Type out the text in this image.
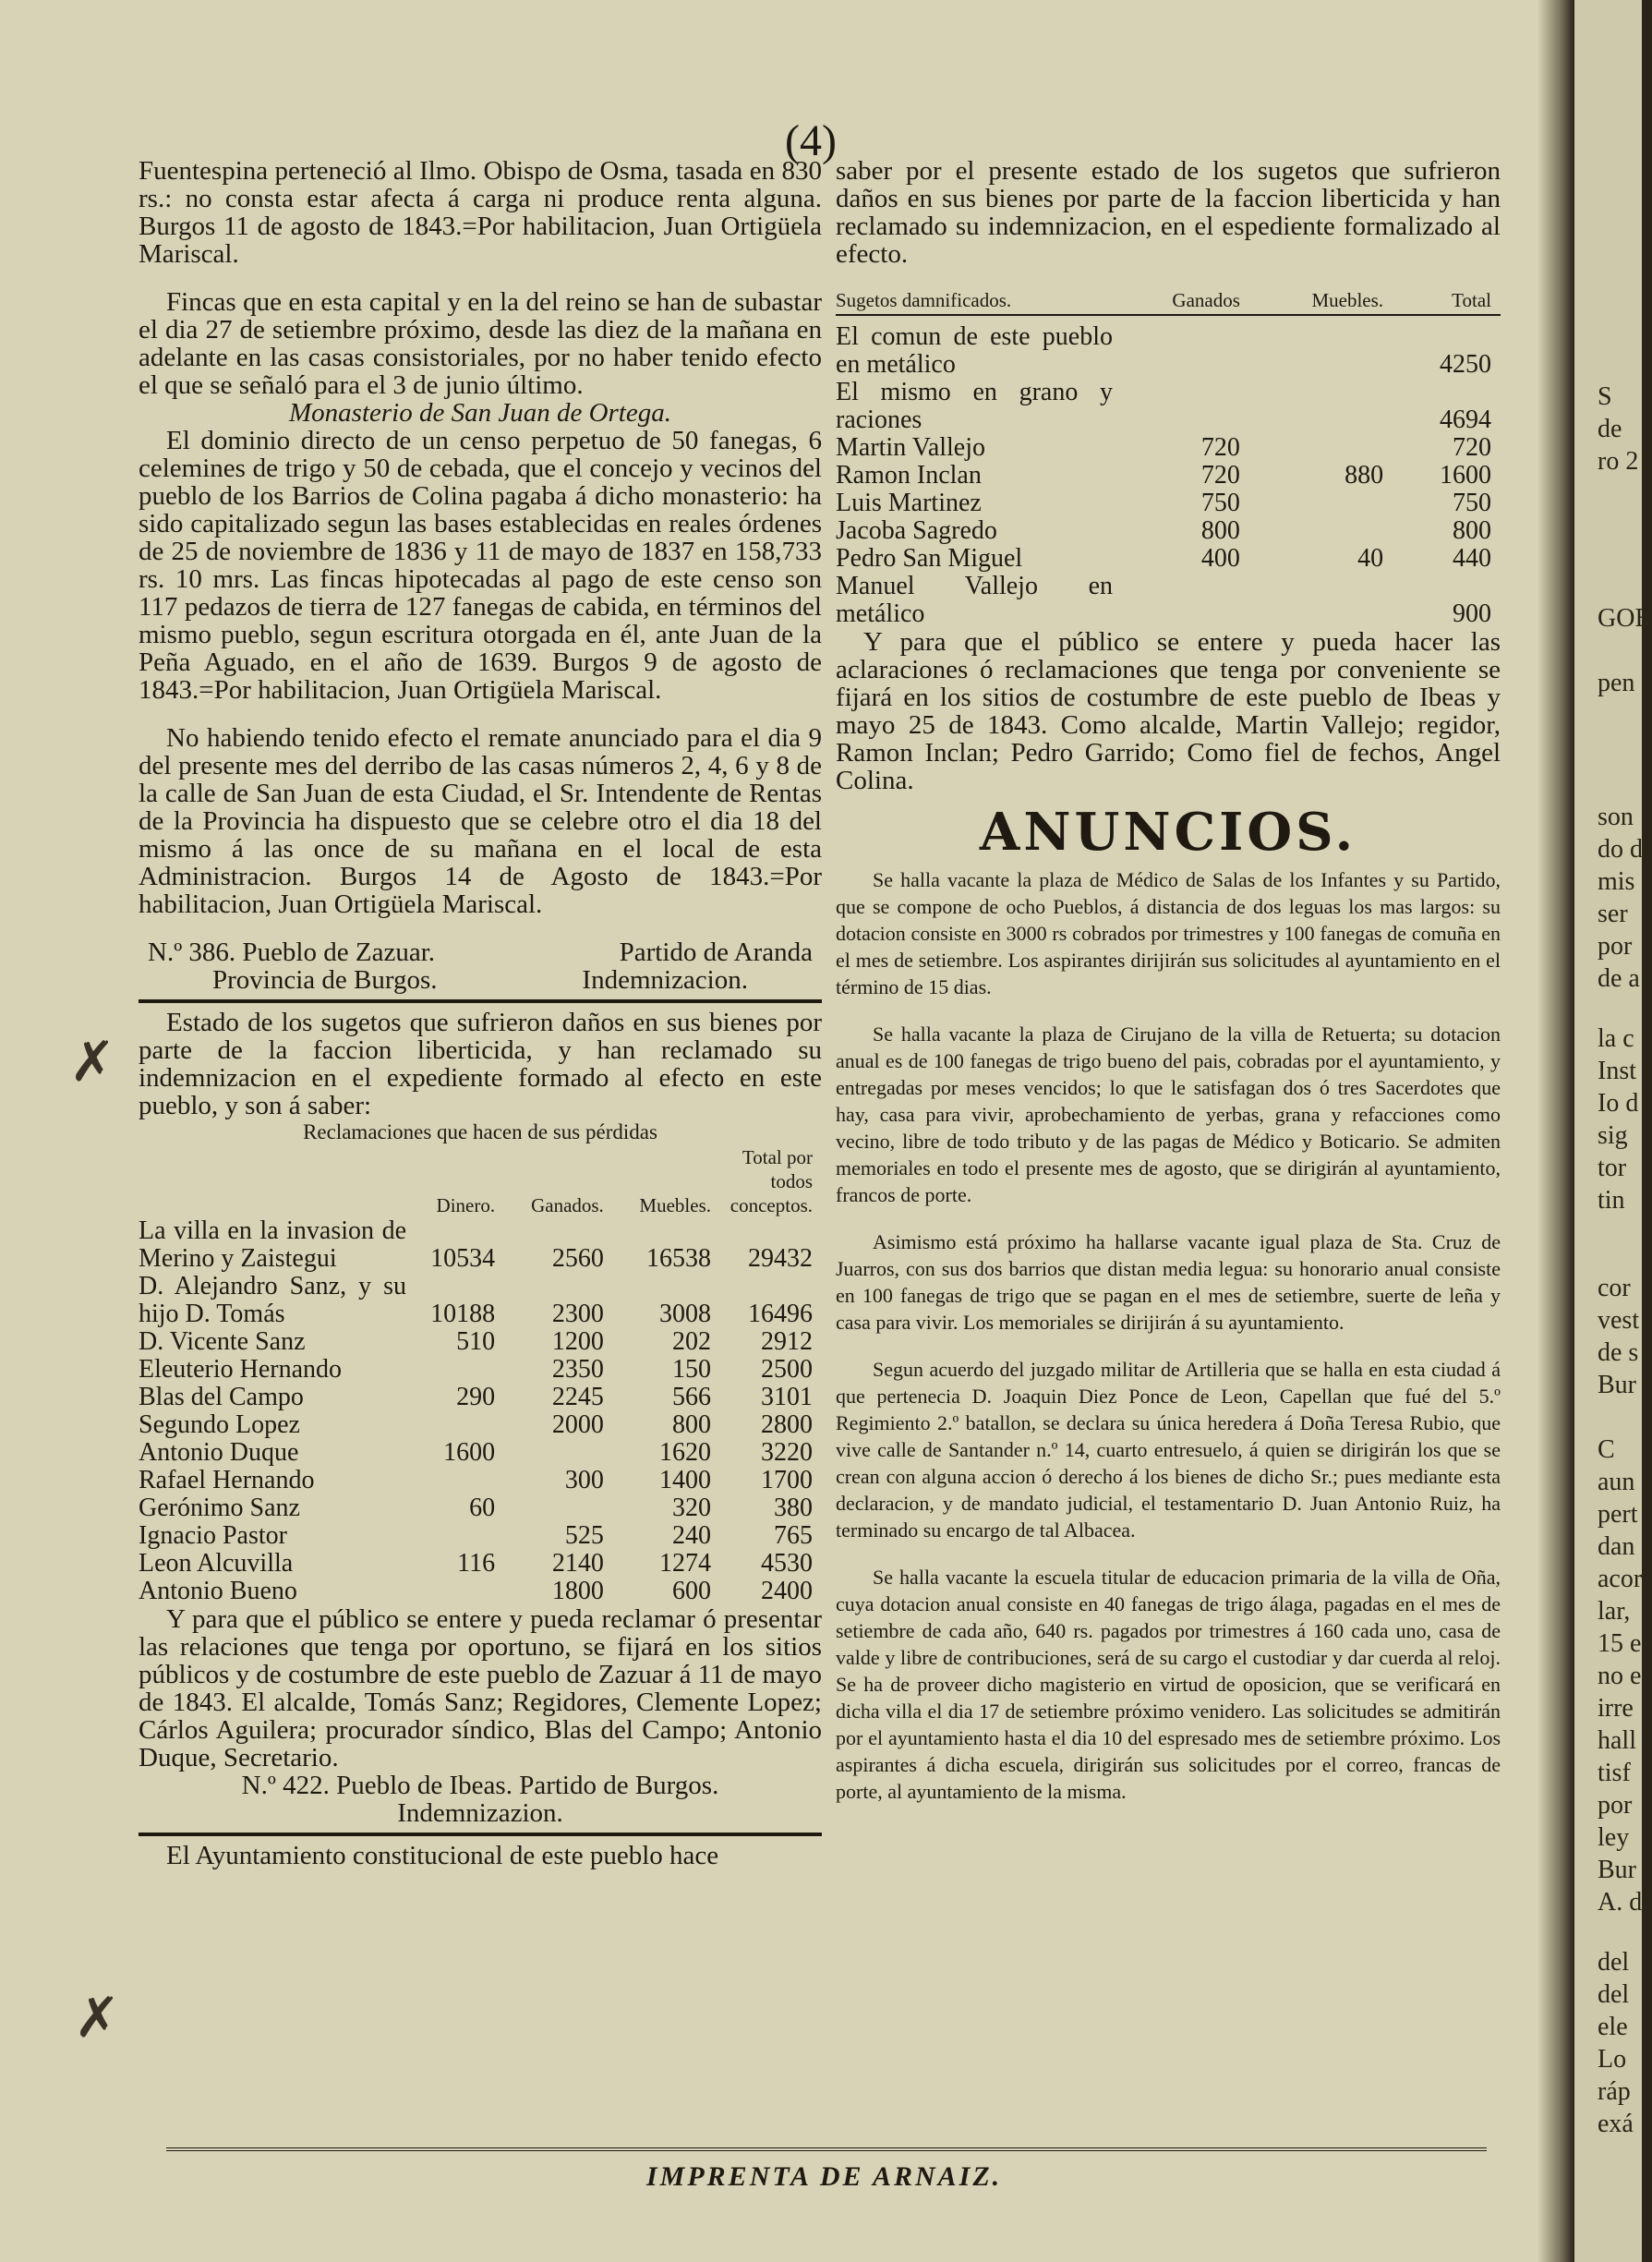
(4)

Fuentespina perteneció al Ilmo. Obispo de Osma, tasada en 830 rs.: no consta estar afecta á carga ni produce renta alguna. Burgos 11 de agosto de 1843.=Por habilitacion, Juan Ortigüela Mariscal.

Fincas que en esta capital y en la del reino se han de subastar el dia 27 de setiembre próximo, desde las diez de la mañana en adelante en las casas consistoriales, por no haber tenido efecto el que se señaló para el 3 de junio último.

Monasterio de San Juan de Ortega.

El dominio directo de un censo perpetuo de 50 fanegas, 6 celemines de trigo y 50 de cebada, que el concejo y vecinos del pueblo de los Barrios de Colina pagaba á dicho monasterio: ha sido capitalizado segun las bases establecidas en reales órdenes de 25 de noviembre de 1836 y 11 de mayo de 1837 en 158,733 rs. 10 mrs. Las fincas hipotecadas al pago de este censo son 117 pedazos de tierra de 127 fanegas de cabida, en términos del mismo pueblo, segun escritura otorgada en él, ante Juan de la Peña Aguado, en el año de 1639. Burgos 9 de agosto de 1843.=Por habilitacion, Juan Ortigüela Mariscal.

No habiendo tenido efecto el remate anunciado para el dia 9 del presente mes del derribo de las casas números 2, 4, 6 y 8 de la calle de San Juan de esta Ciudad, el Sr. Intendente de Rentas de la Provincia ha dispuesto que se celebre otro el dia 18 del mismo á las once de su mañana en el local de esta Administracion. Burgos 14 de Agosto de 1843.=Por habilitacion, Juan Ortigüela Mariscal.

N.º 386. Pueblo de Zazuar.	Partido de Aranda
Provincia de Burgos.	Indemnizacion.

Estado de los sugetos que sufrieron daños en sus bienes por parte de la faccion liberticida, y han reclamado su indemnizacion en el expediente formado al efecto en este pueblo, y son á saber:

Reclamaciones que hacen de sus pérdidas

	Dinero.	Ganados.	Muebles.	Total por todos conceptos.
La villa en la invasion de Merino y Zaistegui	10534	2560	16538	29432
D. Alejandro Sanz, y su hijo D. Tomás	10188	2300	3008	16496
D. Vicente Sanz	510	1200	202	2912
Eleuterio Hernando		2350	150	2500
Blas del Campo	290	2245	566	3101
Segundo Lopez		2000	800	2800
Antonio Duque	1600		1620	3220
Rafael Hernando		300	1400	1700
Gerónimo Sanz	60		320	380
Ignacio Pastor		525	240	765
Leon Alcuvilla	116	2140	1274	4530
Antonio Bueno		1800	600	2400

Y para que el público se entere y pueda reclamar ó presentar las relaciones que tenga por oportuno, se fijará en los sitios públicos y de costumbre de este pueblo de Zazuar á 11 de mayo de 1843. El alcalde, Tomás Sanz; Regidores, Clemente Lopez; Cárlos Aguilera; procurador síndico, Blas del Campo; Antonio Duque, Secretario.

N.º 422. Pueblo de Ibeas. Partido de Burgos.

Indemnizazion.

El Ayuntamiento constitucional de este pueblo hace

saber por el presente estado de los sugetos que sufrieron daños en sus bienes por parte de la faccion liberticida y han reclamado su indemnizacion, en el espediente formalizado al efecto.

Sugetos damnificados.	Ganados	Muebles.	Total

El comun de este pueblo en metálico			4250
El mismo en grano y raciones			4694
Martin Vallejo	720		720
Ramon Inclan	720	880	1600
Luis Martinez	750		750
Jacoba Sagredo	800		800
Pedro San Miguel	400	40	440
Manuel Vallejo en metálico			900

Y para que el público se entere y pueda hacer las aclaraciones ó reclamaciones que tenga por conveniente se fijará en los sitios de costumbre de este pueblo de Ibeas y mayo 25 de 1843. Como alcalde, Martin Vallejo; regidor, Ramon Inclan; Pedro Garrido; Como fiel de fechos, Angel Colina.

ANUNCIOS.

Se halla vacante la plaza de Médico de Salas de los Infantes y su Partido, que se compone de ocho Pueblos, á distancia de dos leguas los mas largos: su dotacion consiste en 3000 rs cobrados por trimestres y 100 fanegas de comuña en el mes de setiembre. Los aspirantes dirijirán sus solicitudes al ayuntamiento en el término de 15 dias.

Se halla vacante la plaza de Cirujano de la villa de Retuerta; su dotacion anual es de 100 fanegas de trigo bueno del pais, cobradas por el ayuntamiento, y entregadas por meses vencidos; lo que le satisfagan dos ó tres Sacerdotes que hay, casa para vivir, aprobechamiento de yerbas, grana y refacciones como vecino, libre de todo tributo y de las pagas de Médico y Boticario. Se admiten memoriales en todo el presente mes de agosto, que se dirigirán al ayuntamiento, francos de porte.

Asimismo está próximo ha hallarse vacante igual plaza de Sta. Cruz de Juarros, con sus dos barrios que distan media legua: su honorario anual consiste en 100 fanegas de trigo que se pagan en el mes de setiembre, suerte de leña y casa para vivir. Los memoriales se dirijirán á su ayuntamiento.

Segun acuerdo del juzgado militar de Artilleria que se halla en esta ciudad á que pertenecia D. Joaquin Diez Ponce de Leon, Capellan que fué del 5.º Regimiento 2.º batallon, se declara su única heredera á Doña Teresa Rubio, que vive calle de Santander n.º 14, cuarto entresuelo, á quien se dirigirán los que se crean con alguna accion ó derecho á los bienes de dicho Sr.; pues mediante esta declaracion, y de mandato judicial, el testamentario D. Juan Antonio Ruiz, ha terminado su encargo de tal Albacea.

Se halla vacante la escuela titular de educacion primaria de la villa de Oña, cuya dotacion anual consiste en 40 fanegas de trigo álaga, pagadas en el mes de setiembre de cada año, 640 rs. pagados por trimestres á 160 cada uno, casa de valde y libre de contribuciones, será de su cargo el custodiar y dar cuerda al reloj. Se ha de proveer dicho magisterio en virtud de oposicion, que se verificará en dicha villa el dia 17 de setiembre próximo venidero. Las solicitudes se admitirán por el ayuntamiento hasta el dia 10 del espresado mes de setiembre próximo. Los aspirantes á dicha escuela, dirigirán sus solicitudes por el correo, francas de porte, al ayuntamiento de la misma.

✗
✗
IMPRENTA DE ARNAIZ.
S
de
ro 2
GOB
pen
son
do d
mis
ser
por
de a
la c
Inst
Io d
sig
tor
tin
cor
vest
de s
Bur
C
aun
pert
dan
acor
lar,
15 e
no e
irre
hall
tisf
por
ley
Bur
A. d
del
del
ele
Lo
ráp
exá
